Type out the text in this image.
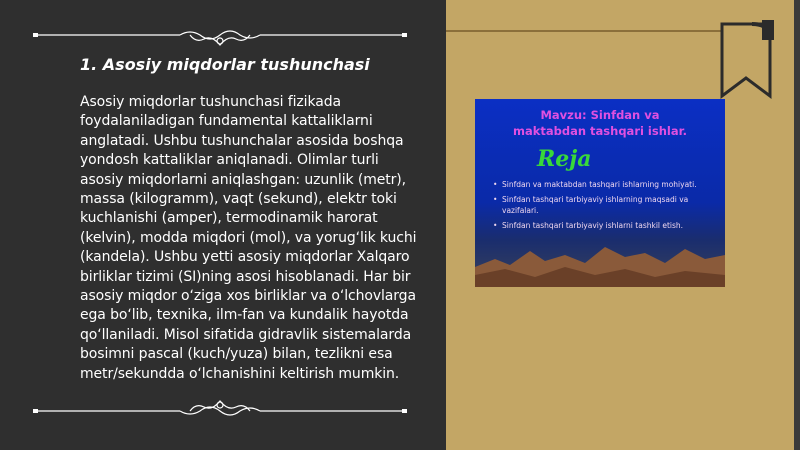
1. Asosiy miqdorlar tushunchasi

Asosiy miqdorlar tushunchasi fizikada foydalaniladigan fundamental kattaliklarni anglatadi. Ushbu tushunchalar asosida boshqa yondosh kattaliklar aniqlanadi. Olimlar turli asosiy miqdorlarni aniqlashgan: uzunlik (metr), massa (kilogramm), vaqt (sekund), elektr toki kuchlanishi (amper), termodinamik harorat (kelvin), modda miqdori (mol), va yorug‘lik kuchi (kandela). Ushbu yetti asosiy miqdorlar Xalqaro birliklar tizimi (SI)ning asosi hisoblanadi. Har bir asosiy miqdor o‘ziga xos birliklar va o‘lchovlarga ega bo‘lib, texnika, ilm-fan va kundalik hayotda qo‘llaniladi. Misol sifatida gidravlik sistemalarda bosimni pascal (kuch/yuza) bilan, tezlikni esa metr/sekundda o‘lchanishini keltirish mumkin.

Mavzu: Sinfdan va
maktabdan tashqari ishlar.
Reja
• Sinfdan va maktabdan tashqari ishlarning mohiyati.
• Sinfdan tashqari tarbiyaviy ishlarning maqsadi va vazifalari.
• Sinfdan tashqari tarbiyaviy ishlarni tashkil etish.
